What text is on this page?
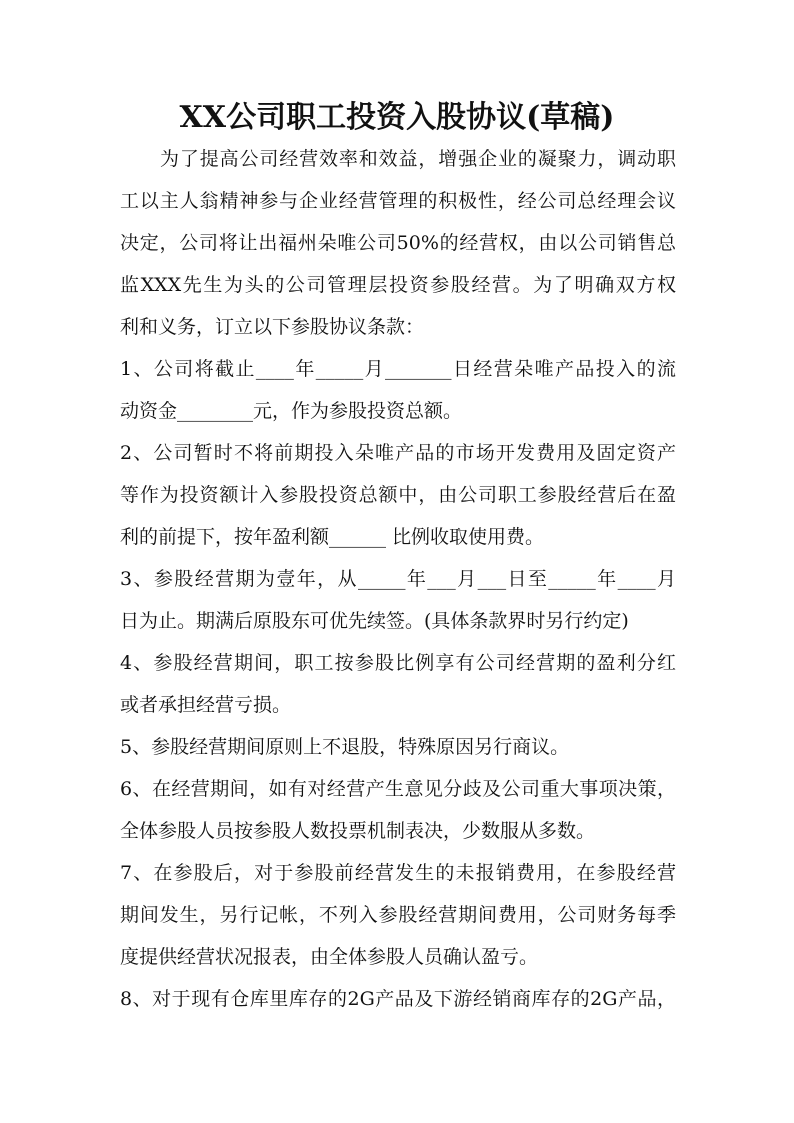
XX公司职工投资入股协议(草稿)
为了提高公司经营效率和效益，增强企业的凝聚力，调动职
工以主人翁精神参与企业经营管理的积极性，经公司总经理会议
决定，公司将让出福州朵唯公司50%的经营权，由以公司销售总
监XXX先生为头的公司管理层投资参股经营。为了明确双方权
利和义务，订立以下参股协议条款：
1、公司将截止____年_____月_______日经营朵唯产品投入的流
动资金________元，作为参股投资总额。
2、公司暂时不将前期投入朵唯产品的市场开发费用及固定资产
等作为投资额计入参股投资总额中，由公司职工参股经营后在盈
利的前提下，按年盈利额______ 比例收取使用费。
3、参股经营期为壹年，从_____年___月___日至_____年____月
日为止。期满后原股东可优先续签。(具体条款界时另行约定)
4、参股经营期间，职工按参股比例享有公司经营期的盈利分红
或者承担经营亏损。
5、参股经营期间原则上不退股，特殊原因另行商议。
6、在经营期间，如有对经营产生意见分歧及公司重大事项决策，
全体参股人员按参股人数投票机制表决，少数服从多数。
7、在参股后，对于参股前经营发生的未报销费用，在参股经营
期间发生，另行记帐，不列入参股经营期间费用，公司财务每季
度提供经营状况报表，由全体参股人员确认盈亏。
8、对于现有仓库里库存的2G产品及下游经销商库存的2G产品，
